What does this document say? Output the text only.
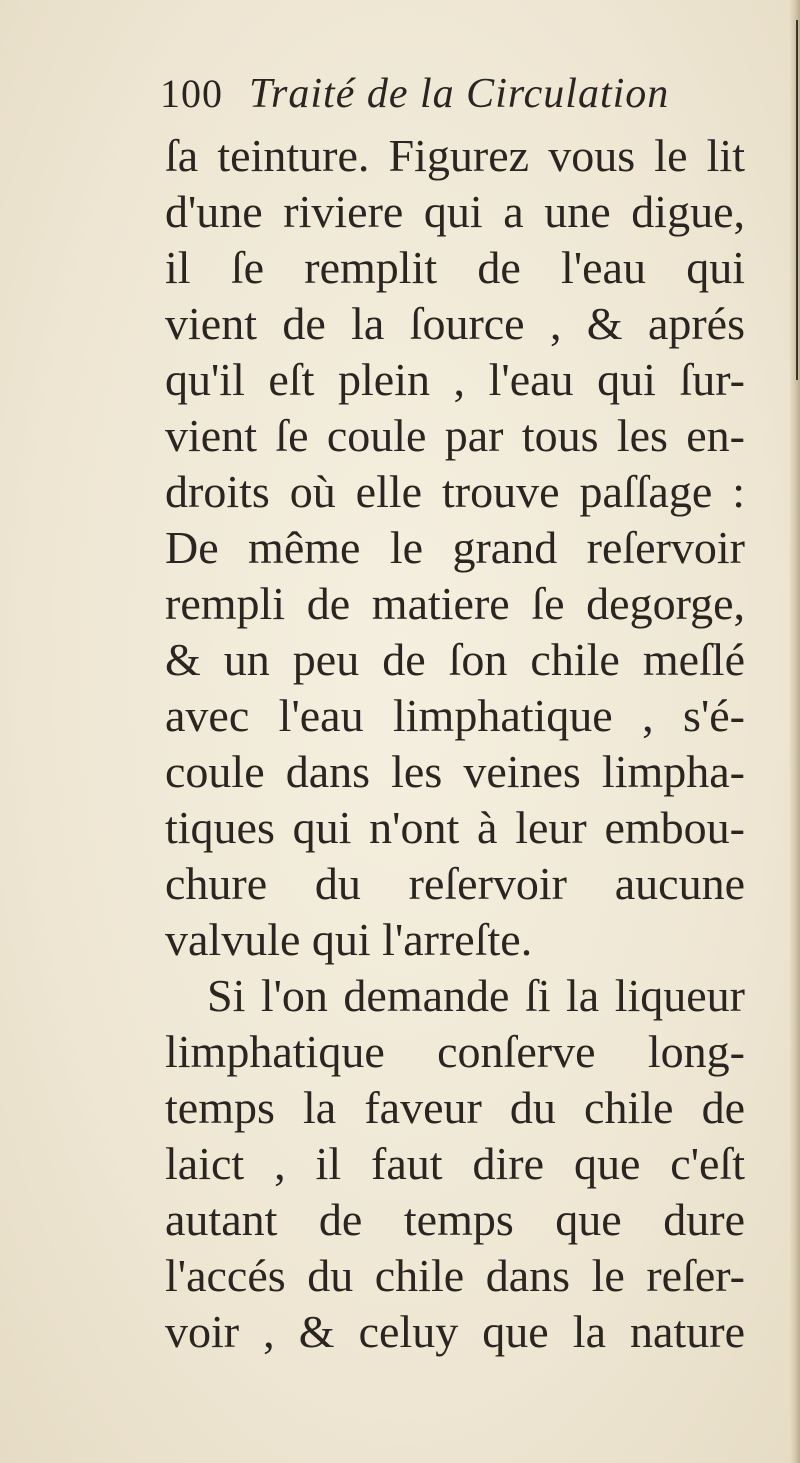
100 Traité de la Circulation
ſa teinture. Figurez vous le lit
d'une riviere qui a une digue,
il ſe remplit de l'eau qui
vient de la ſource , & aprés
qu'il eſt plein , l'eau qui ſur-
vient ſe coule par tous les en-
droits où elle trouve paſſage :
De même le grand reſervoir
rempli de matiere ſe degorge,
& un peu de ſon chile meſlé
avec l'eau limphatique , s'é-
coule dans les veines limpha-
tiques qui n'ont à leur embou-
chure du reſervoir aucune
valvule qui l'arreſte.
Si l'on demande ſi la liqueur
limphatique conſerve long-
temps la faveur du chile de
laict , il faut dire que c'eſt
autant de temps que dure
l'accés du chile dans le reſer-
voir , & celuy que la nature
